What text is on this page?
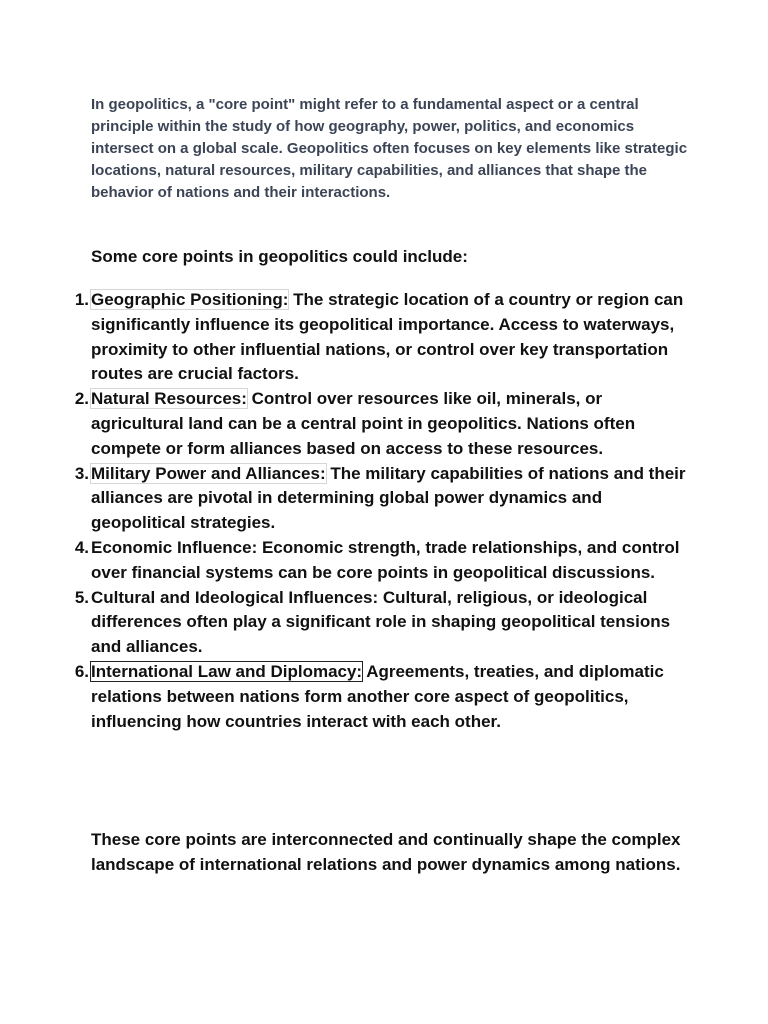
In geopolitics, a "core point" might refer to a fundamental aspect or a central principle within the study of how geography, power, politics, and economics intersect on a global scale. Geopolitics often focuses on key elements like strategic locations, natural resources, military capabilities, and alliances that shape the behavior of nations and their interactions.

Some core points in geopolitics could include:

1. Geographic Positioning: The strategic location of a country or region can significantly influence its geopolitical importance. Access to waterways, proximity to other influential nations, or control over key transportation routes are crucial factors.
2. Natural Resources: Control over resources like oil, minerals, or agricultural land can be a central point in geopolitics. Nations often compete or form alliances based on access to these resources.
3. Military Power and Alliances: The military capabilities of nations and their alliances are pivotal in determining global power dynamics and geopolitical strategies.
4. Economic Influence: Economic strength, trade relationships, and control over financial systems can be core points in geopolitical discussions.
5. Cultural and Ideological Influences: Cultural, religious, or ideological differences often play a significant role in shaping geopolitical tensions and alliances.
6. International Law and Diplomacy: Agreements, treaties, and diplomatic relations between nations form another core aspect of geopolitics, influencing how countries interact with each other.

These core points are interconnected and continually shape the complex landscape of international relations and power dynamics among nations.
